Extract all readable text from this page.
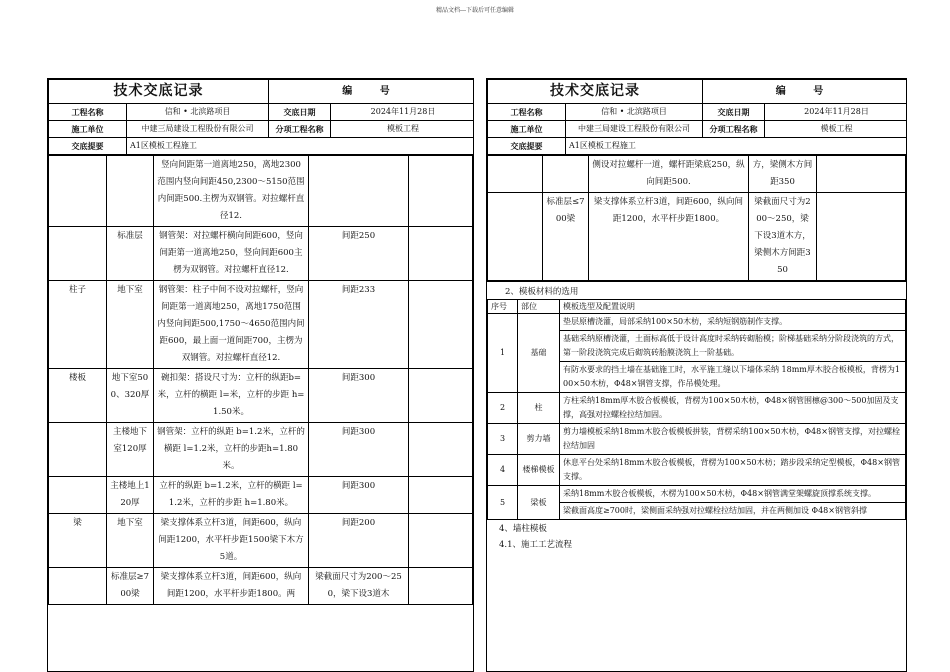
精品文档---下载后可任意编辑
技术交底记录		编 号	
工程名称	信和 • 北滨路项目	交底日期	2024年11月28日
施工单位	中建三局建设工程股份有限公司	分项工程名称	模板工程
交底提要	A1区模板工程施工		
		竖向间距第一道离地250，离地2300范围内竖向间距450,2300～5150范围内间距500.主楞为双钢管。对拉螺杆直径12.		
	标准层	钢管架：对拉螺杆横向间距600，竖向间距第一道离地250，竖向间距600主楞为双钢管。对拉螺杆直径12.	间距250	
柱子	地下室	钢管架：柱子中间不设对拉螺杆，竖向间距第一道离地250，离地1750范围内竖向间距500,1750～4650范围内间距600，最上面一道间距700，主楞为双钢管。对拉螺杆直径12.	间距233	
楼板	地下室500、320厚	碗扣架：搭设尺寸为：立杆的纵距b=米，立杆的横距 l=米，立杆的步距 h=1.50米。	间距300	
	主楼地下室120厚	钢管架：立杆的纵距 b=1.2米，立杆的横距 l=1.2米，立杆的步距h=1.80米。	间距300	
	主楼地上120厚	立杆的纵距 b=1.2米，立杆的横距 l=1.2米，立杆的步距 h=1.80米。	间距300	
梁	地下室	梁支撑体系立杆3道，间距600，纵向间距1200，水平杆步距1500梁下木方5道。	间距200	
	标准层≥700梁	梁支撑体系立杆3道，间距600，纵向间距1200，水平杆步距1800。两	梁截面尺寸为200～250，梁下设3道木	
技术交底记录		编 号	
工程名称	信和 • 北滨路项目	交底日期	2024年11月28日
施工单位	中建三局建设工程股份有限公司	分项工程名称	模板工程
交底提要	A1区模板工程施工		
		侧设对拉螺杆一道，螺杆距梁底250，纵向间距500.	方，梁侧木方间距350	
	标准层≤700梁	梁支撑体系立杆3道，间距600，纵向间距1200，水平杆步距1800。	梁截面尺寸为200～250，梁下设3道木方，梁侧木方间距350	
2、模板材料的选用
序号	部位	模板选型及配置说明
1	基础	垫层原槽浇灌，局部采纳100×50木枋，采纳短钢筋制作支撑。
		基础采纳原槽浇灌，土面标高低于设计高度时采纳砖砌胎模；阶梯基础采纳分阶段浇筑的方式，第一阶段浇筑完成后砌筑砖胎膜浇筑上一阶基础。
		有防水要求的挡土墙在基础施工时，水平施工缝以下墙体采纳 18mm厚木胶合板模板，背楞为100×50木枋，Φ48×钢管支撑，作吊模处理。
2	柱	方柱采纳18mm厚木胶合板模板，背楞为100×50木枋，Φ48×钢管围檩@300～500加固及支撑，高强对拉螺栓拉结加固。
3	剪力墙	剪力墙模板采纳18mm木胶合板模板拼装，背楞采纳100×50木枋，Φ48×钢管支撑，对拉螺栓拉结加固
4	楼梯模板	休息平台处采纳18mm木胶合板模板，背楞为100×50木枋；踏步段采纳定型模板，Φ48×钢管支撑。
5	梁板	采纳18mm木胶合板模板，木楞为100×50木枋，Φ48×钢管满堂架螺旋顶撑系统支撑。
		梁截面高度≥700时，梁侧面采纳强对拉螺栓拉结加固，并在两侧加设 Φ48×钢管斜撑
4、墙柱模板
4.1、施工工艺流程
